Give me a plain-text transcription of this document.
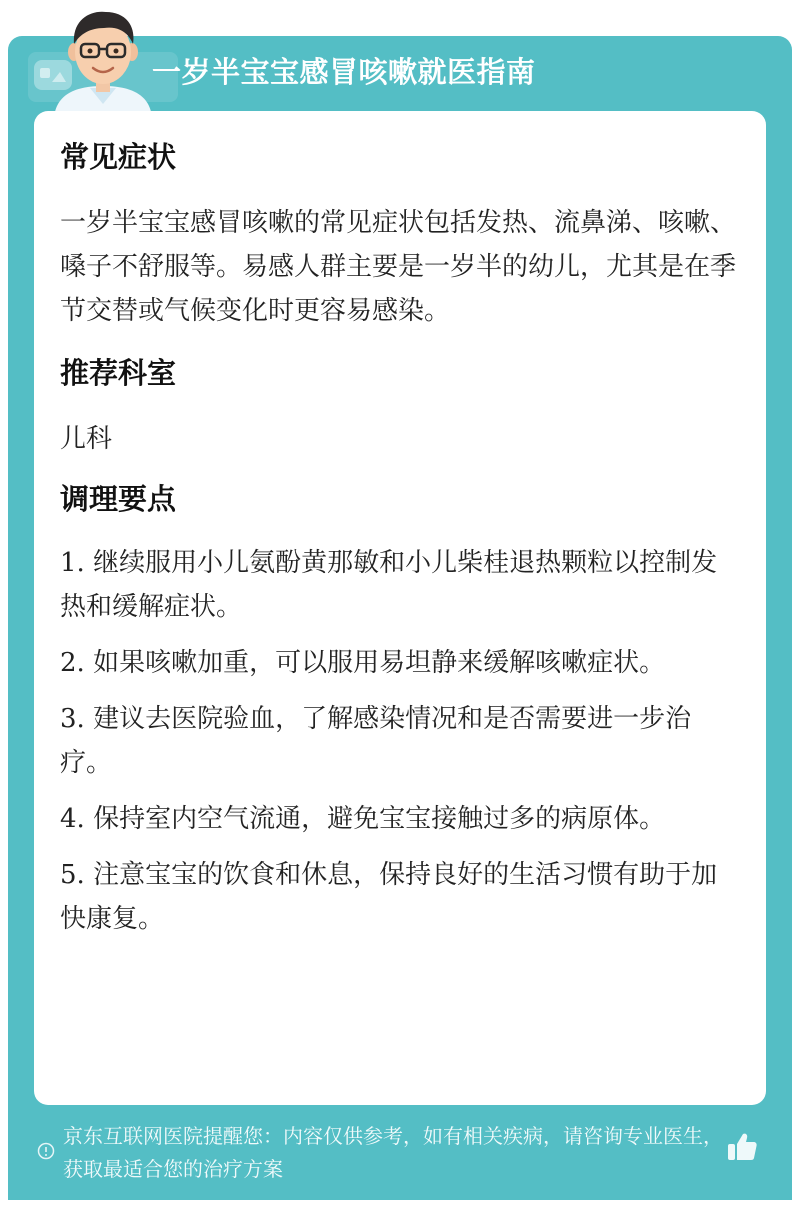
一岁半宝宝感冒咳嗽就医指南
常见症状

一岁半宝宝感冒咳嗽的常见症状包括发热、流鼻涕、咳嗽、嗓子不舒服等。易感人群主要是一岁半的幼儿，尤其是在季节交替或气候变化时更容易感染。

推荐科室

儿科

调理要点

1. 继续服用小儿氨酚黄那敏和小儿柴桂退热颗粒以控制发热和缓解症状。

2. 如果咳嗽加重，可以服用易坦静来缓解咳嗽症状。

3. 建议去医院验血，了解感染情况和是否需要进一步治疗。

4. 保持室内空气流通，避免宝宝接触过多的病原体。

5. 注意宝宝的饮食和休息，保持良好的生活习惯有助于加快康复。

京东互联网医院提醒您：内容仅供参考，如有相关疾病，请咨询专业医生，获取最适合您的治疗方案
